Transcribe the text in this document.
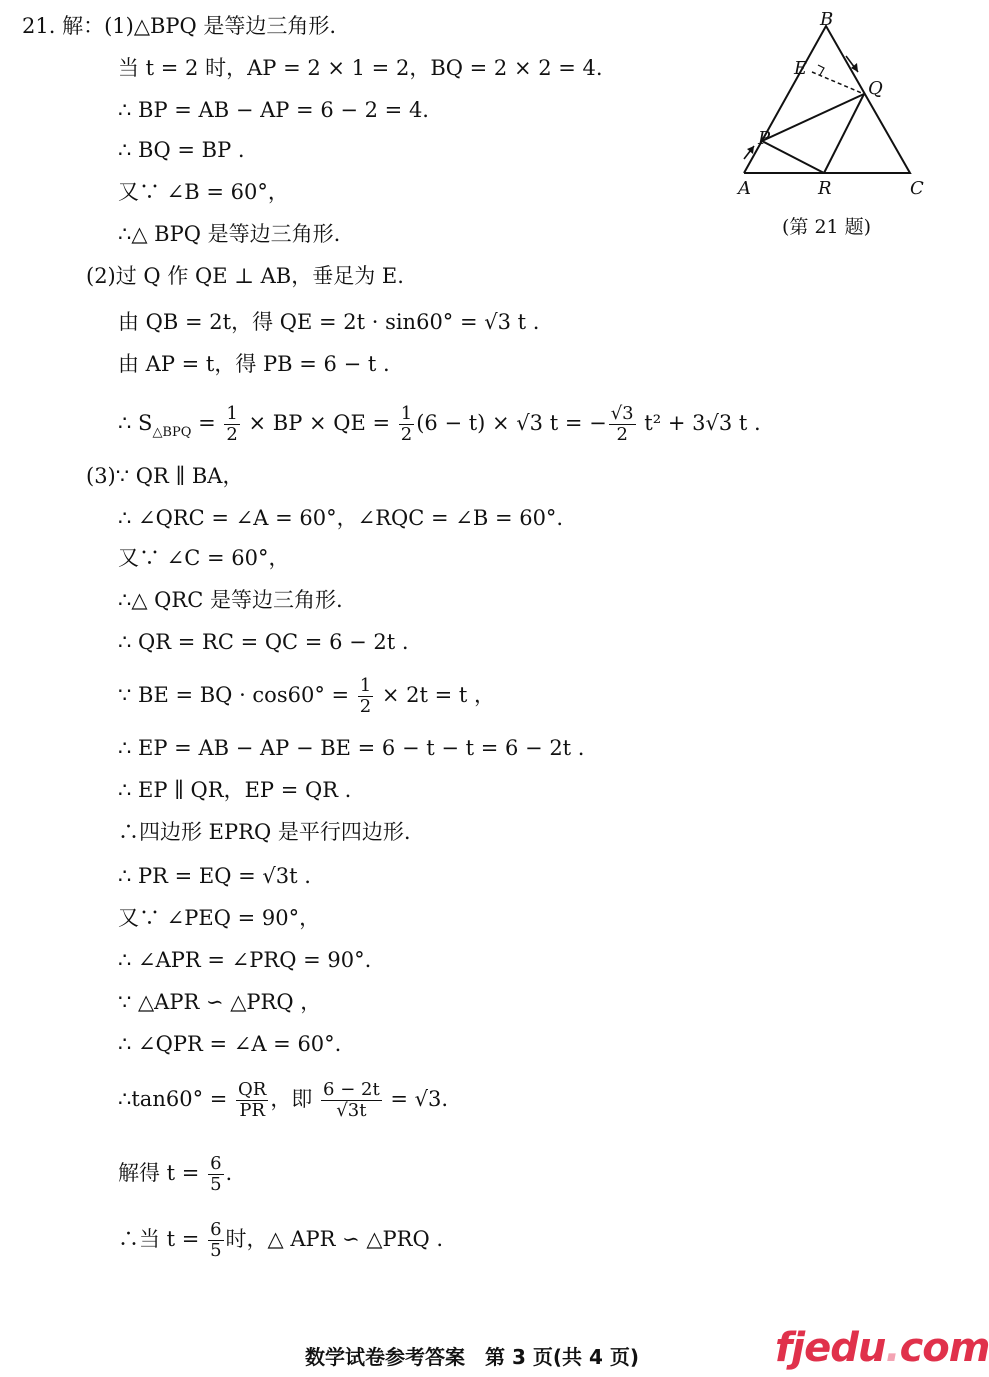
21. 解：(1)△BPQ 是等边三角形.
当 t = 2 时，AP = 2 × 1 = 2，BQ = 2 × 2 = 4.
∴ BP = AB − AP = 6 − 2 = 4.
∴ BQ = BP .
又∵ ∠B = 60°，
∴△ BPQ 是等边三角形.
(2)过 Q 作 QE ⊥ AB，垂足为 E.
由 QB = 2t，得 QE = 2t · sin60° = √3 t .
由 AP = t，得 PB = 6 − t .
∴ $S_{\triangle BPQ} = \frac{1}{2}$ × BP × QE = $\frac{1}{2} (6 - t) \times √3$ t = − $\frac{√3}{2} t^2 + 3√3$ t .
(3)∵ QR ∥ BA，
∴ ∠QRC = ∠A = 60°，∠RQC = ∠B = 60°.
又∵ ∠C = 60°，
∴△ QRC 是等边三角形.
∴ QR = RC = QC = 6 − 2t .
∵ BE = BQ · $\cos 60^\circ = \frac{1}{2} \times 2t = t$ ，
∴ EP = AB − AP − BE = 6 − t − t = 6 − 2t .
∴ EP ∥ QR，EP = QR .
∴四边形 EPRQ 是平行四边形.
∴ PR = EQ = √3t .
又∵ ∠PEQ = 90°，
∴ ∠APR = ∠PRQ = 90°.
∵ △APR ∽ △PRQ ，
∴ ∠QPR = ∠A = 60°.
∴tan60° = $\frac{QR}{PR}$ ，即 $\frac{6 - 2t}{√3t} = √3$.
解得 $t = \frac{6}{5}$ .
∴当 $t = \frac{6}{5}$ 时，△ APR ∽ △PRQ .
B
E
Q
P
A	R	C
(第 21 题)
数学试卷参考答案　第 3 页(共 4 页)	fjedu.com
